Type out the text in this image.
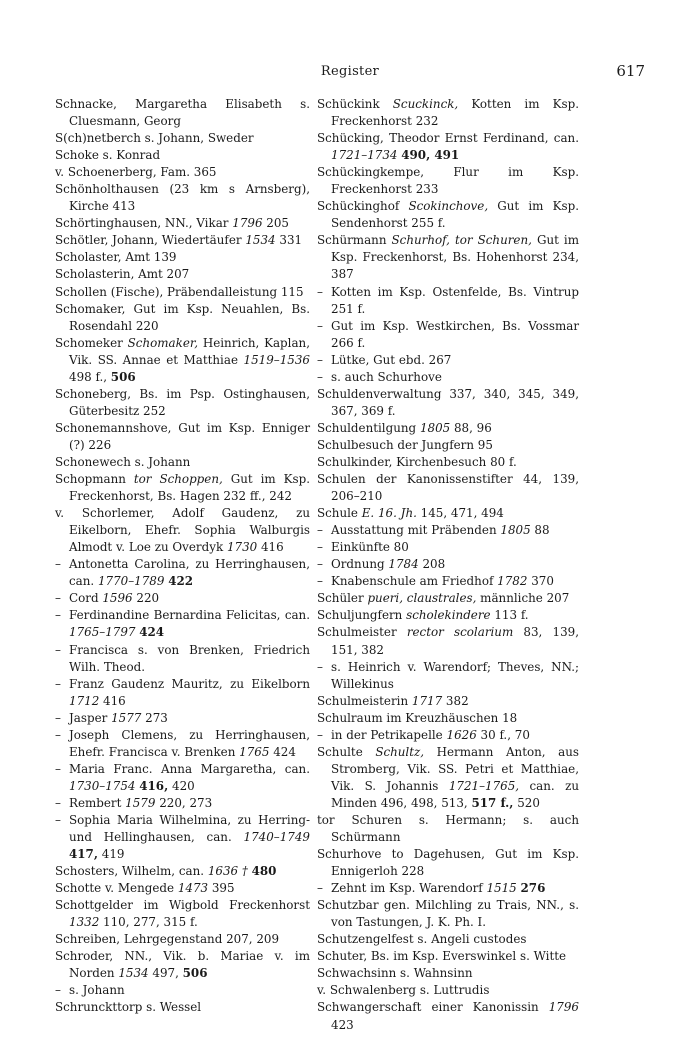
Register	617
Schnacke, Margaretha Elisabeth s. Cluesmann, Georg
S(ch)netberch s. Johann, Sweder
Schoke s. Konrad
v. Schoenerberg, Fam. 365
Schönholthausen (23 km s Arnsberg), Kirche 413
Schörtinghausen, NN., Vikar 1796 205
Schötler, Johann, Wiedertäufer 1534 331
Scholaster, Amt 139
Scholasterin, Amt 207
Schollen (Fische), Präbendalleistung 115
Schomaker, Gut im Ksp. Neuahlen, Bs. Rosendahl 220
Schomeker Schomaker, Heinrich, Kaplan, Vik. SS. Annae et Matthiae 1519–1536 498 f., 506
Schoneberg, Bs. im Psp. Ostinghausen, Güterbesitz 252
Schonemannshove, Gut im Ksp. Enniger (?) 226
Schonewech s. Johann
Schopmann tor Schoppen, Gut im Ksp. Freckenhorst, Bs. Hagen 232 ff., 242
v. Schorlemer, Adolf Gaudenz, zu Eikelborn, Ehefr. Sophia Walburgis Almodt v. Loe zu Overdyk 1730 416
– Antonetta Carolina, zu Herringhausen, can. 1770–1789 422
– Cord 1596 220
– Ferdinandine Bernardina Felicitas, can. 1765–1797 424
– Francisca s. von Brenken, Friedrich Wilh. Theod.
– Franz Gaudenz Mauritz, zu Eikelborn 1712 416
– Jasper 1577 273
– Joseph Clemens, zu Herringhausen, Ehefr. Francisca v. Brenken 1765 424
– Maria Franc. Anna Margaretha, can. 1730–1754 416, 420
– Rembert 1579 220, 273
– Sophia Maria Wilhelmina, zu Herring- und Hellinghausen, can. 1740–1749 417, 419
Schosters, Wilhelm, can. 1636 † 480
Schotte v. Mengede 1473 395
Schottgelder im Wigbold Freckenhorst 1332 110, 277, 315 f.
Schreiben, Lehrgegenstand 207, 209
Schroder, NN., Vik. b. Mariae v. im Norden 1534 497, 506
– s. Johann
Schrunckttorp s. Wessel
Schückink Scuckinck, Kotten im Ksp. Freckenhorst 232
Schücking, Theodor Ernst Ferdinand, can. 1721–1734 490, 491
Schückingkempe, Flur im Ksp. Freckenhorst 233
Schückinghof Scokinchove, Gut im Ksp. Sendenhorst 255 f.
Schürmann Schurhof, tor Schuren, Gut im Ksp. Freckenhorst, Bs. Hohenhorst 234, 387
– Kotten im Ksp. Ostenfelde, Bs. Vintrup 251 f.
– Gut im Ksp. Westkirchen, Bs. Vossmar 266 f.
– Lütke, Gut ebd. 267
– s. auch Schurhove
Schuldenverwaltung 337, 340, 345, 349, 367, 369 f.
Schuldentilgung 1805 88, 96
Schulbesuch der Jungfern 95
Schulkinder, Kirchenbesuch 80 f.
Schulen der Kanonissenstifter 44, 139, 206–210
Schule E. 16. Jh. 145, 471, 494
– Ausstattung mit Präbenden 1805 88
– Einkünfte 80
– Ordnung 1784 208
– Knabenschule am Friedhof 1782 370
Schüler pueri, claustrales, männliche 207
Schuljungfern scholekindere 113 f.
Schulmeister rector scolarium 83, 139, 151, 382
– s. Heinrich v. Warendorf; Theves, NN.; Willekinus
Schulmeisterin 1717 382
Schulraum im Kreuzhäuschen 18
– in der Petrikapelle 1626 30 f., 70
Schulte Schultz, Hermann Anton, aus Stromberg, Vik. SS. Petri et Matthiae, Vik. S. Johannis 1721–1765, can. zu Minden 496, 498, 513, 517 f., 520
tor Schuren s. Hermann; s. auch Schürmann
Schurhove to Dagehusen, Gut im Ksp. Ennigerloh 228
– Zehnt im Ksp. Warendorf 1515 276
Schutzbar gen. Milchling zu Trais, NN., s. von Tastungen, J. K. Ph. I.
Schutzengelfest s. Angeli custodes
Schuter, Bs. im Ksp. Everswinkel s. Witte
Schwachsinn s. Wahnsinn
v. Schwalenberg s. Luttrudis
Schwangerschaft einer Kanonissin 1796 423
